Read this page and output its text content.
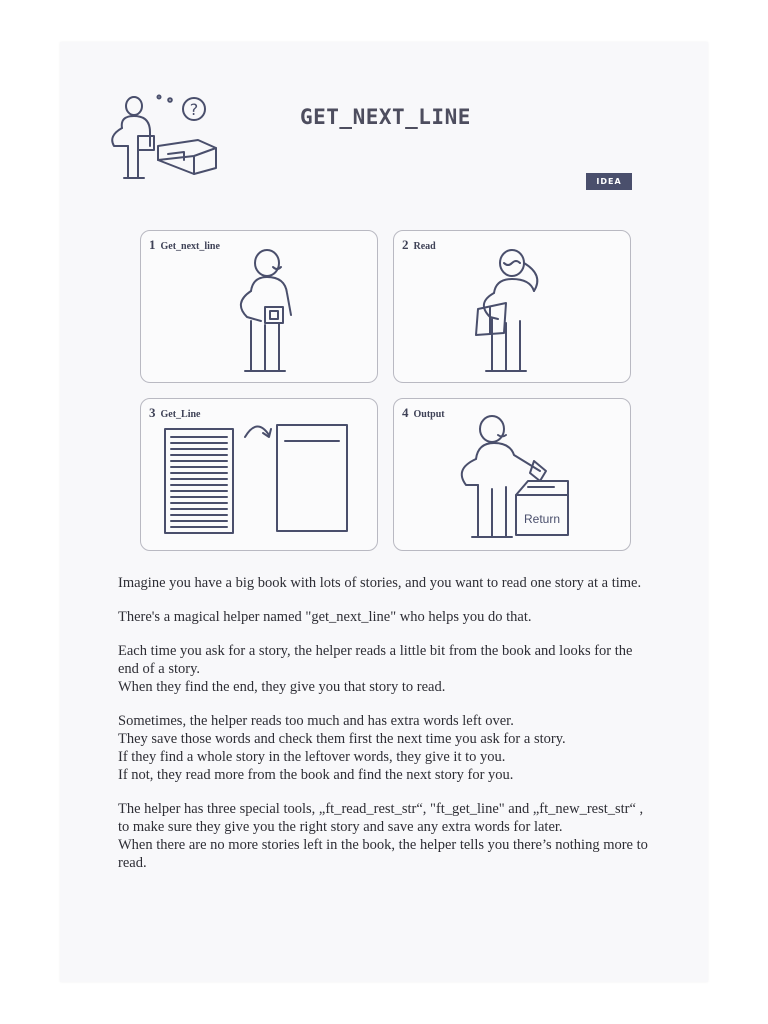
?	GET_NEXT_LINE
IDEA
1 Get_next_line	2 Read
3 Get_Line	4 Output
Return

Imagine you have a big book with lots of stories, and you want to read one story at a time.

There's a magical helper named "get_next_line" who helps you do that.

Each time you ask for a story, the helper reads a little bit from the book and looks for the end of a story.
When they find the end, they give you that story to read.

Sometimes, the helper reads too much and has extra words left over.
They save those words and check them first the next time you ask for a story.
If they find a whole story in the leftover words, they give it to you.
If not, they read more from the book and find the next story for you.

The helper has three special tools, „ft_read_rest_str“, "ft_get_line" and „ft_new_rest_str“ , to make sure they give you the right story and save any extra words for later.
When there are no more stories left in the book, the helper tells you there’s nothing more to read.
